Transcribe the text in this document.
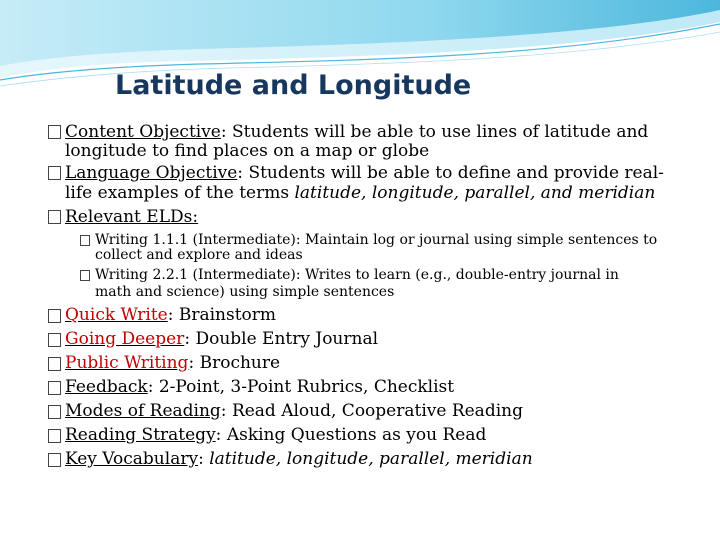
Latitude and Longitude
Content Objective: Students will be able to use lines of latitude and
longitude to find places on a map or globe
Language Objective: Students will be able to define and provide real-
life examples of the terms latitude, longitude, parallel, and meridian
Relevant ELDs:
Writing 1.1.1 (Intermediate): Maintain log or journal using simple sentences to
collect and explore and ideas
Writing 2.2.1 (Intermediate): Writes to learn (e.g., double-entry journal in
math and science) using simple sentences
Quick Write: Brainstorm
Going Deeper: Double Entry Journal
Public Writing: Brochure
Feedback: 2-Point, 3-Point Rubrics, Checklist
Modes of Reading: Read Aloud, Cooperative Reading
Reading Strategy: Asking Questions as you Read
Key Vocabulary: latitude, longitude, parallel, meridian
